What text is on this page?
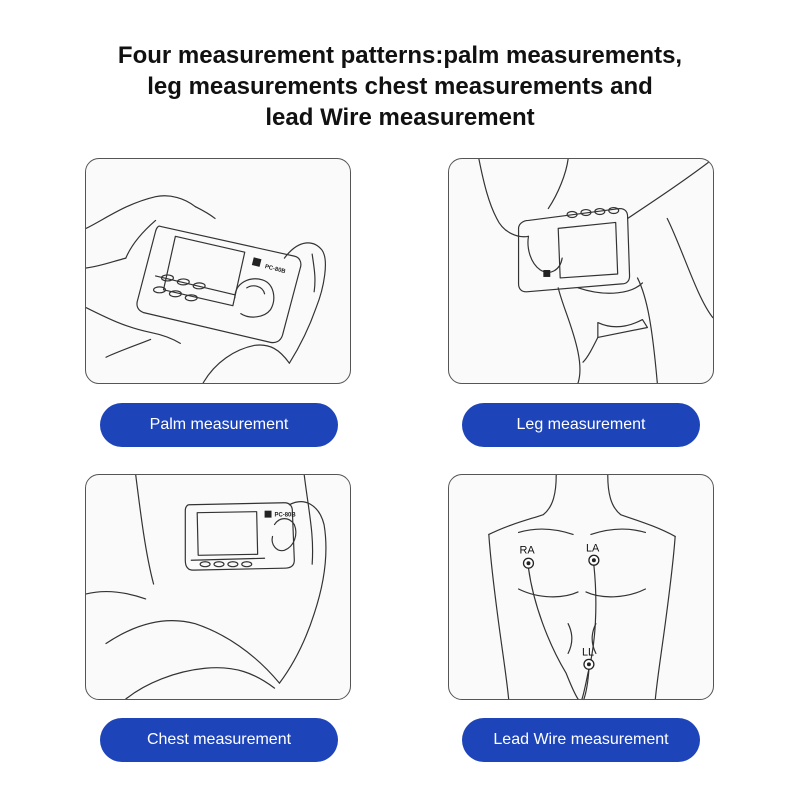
Four measurement patterns:palm measurements,
leg measurements chest measurements and
lead Wire measurement
PC-80B
Palm measurement	Leg measurement
PC-80B
Chest measurement
RA	LA
LL
Lead Wire measurement
